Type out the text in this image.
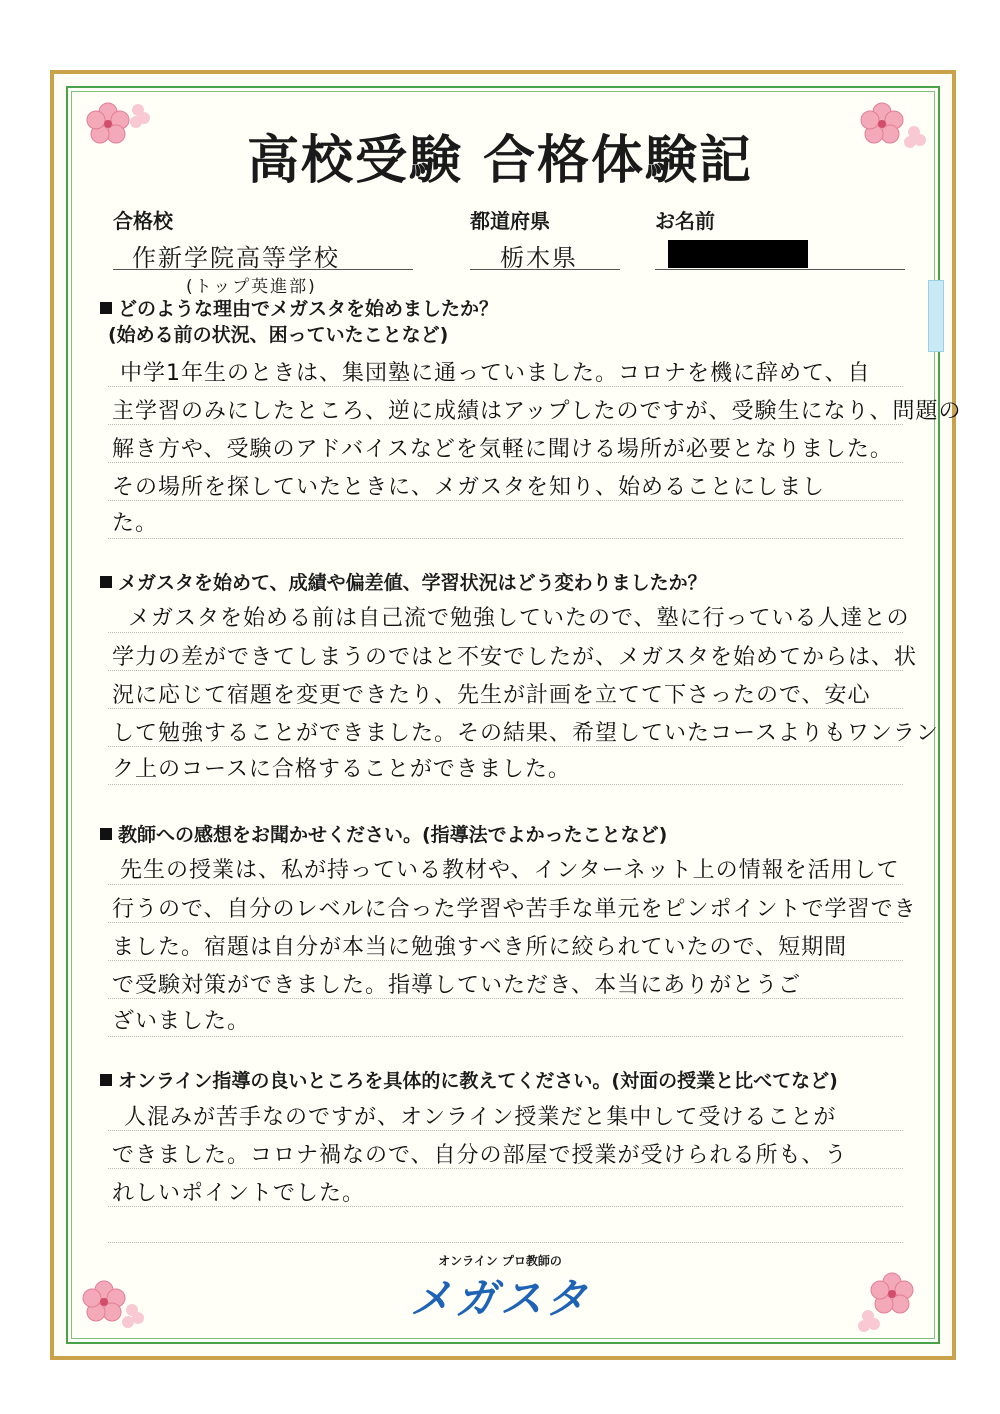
高校受験 合格体験記
合格校	都道府県	お名前
作新学院高等学校	栃木県
(トップ英進部)
どのような理由でメガスタを始めましたか？
(始める前の状況、困っていたことなど)
中学1年生のときは、集団塾に通っていました。コロナを機に辞めて、自
主学習のみにしたところ、逆に成績はアップしたのですが、受験生になり、問題の
解き方や、受験のアドバイスなどを気軽に聞ける場所が必要となりました。
その場所を探していたときに、メガスタを知り、始めることにしまし
た。
メガスタを始めて、成績や偏差値、学習状況はどう変わりましたか？
メガスタを始める前は自己流で勉強していたので、塾に行っている人達との
学力の差ができてしまうのではと不安でしたが、メガスタを始めてからは、状
況に応じて宿題を変更できたり、先生が計画を立てて下さったので、安心
して勉強することができました。その結果、希望していたコースよりもワンラン
ク上のコースに合格することができました。
教師への感想をお聞かせください。(指導法でよかったことなど)
先生の授業は、私が持っている教材や、インターネット上の情報を活用して
行うので、自分のレベルに合った学習や苦手な単元をピンポイントで学習でき
ました。宿題は自分が本当に勉強すべき所に絞られていたので、短期間
で受験対策ができました。指導していただき、本当にありがとうご
ざいました。
オンライン指導の良いところを具体的に教えてください。(対面の授業と比べてなど)
人混みが苦手なのですが、オンライン授業だと集中して受けることが
できました。コロナ禍なので、自分の部屋で授業が受けられる所も、う
れしいポイントでした。
オンライン プロ教師の
メガスタ
